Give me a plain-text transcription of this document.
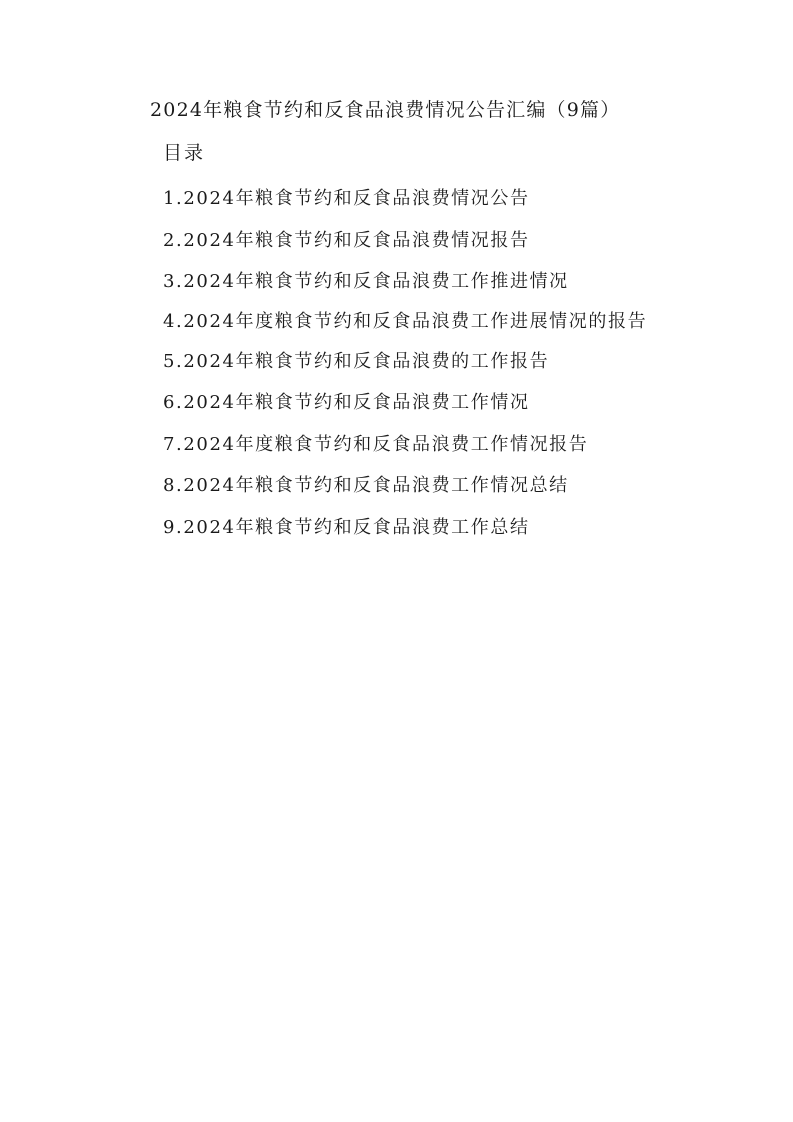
2024年粮食节约和反食品浪费情况公告汇编（9篇）
目录
1.2024年粮食节约和反食品浪费情况公告
2.2024年粮食节约和反食品浪费情况报告
3.2024年粮食节约和反食品浪费工作推进情况
4.2024年度粮食节约和反食品浪费工作进展情况的报告
5.2024年粮食节约和反食品浪费的工作报告
6.2024年粮食节约和反食品浪费工作情况
7.2024年度粮食节约和反食品浪费工作情况报告
8.2024年粮食节约和反食品浪费工作情况总结
9.2024年粮食节约和反食品浪费工作总结
